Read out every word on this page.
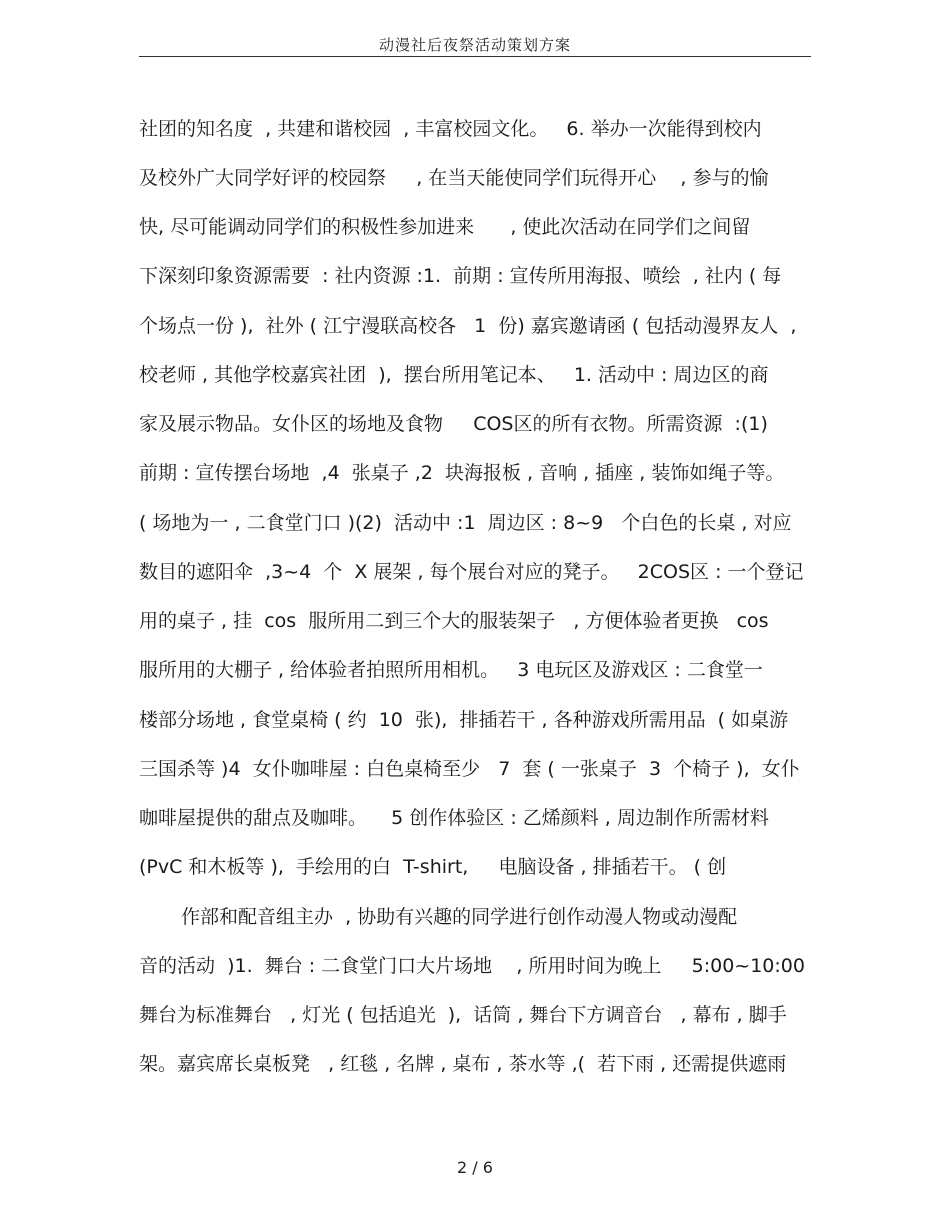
动漫社后夜祭活动策划方案
社团的知名度  , 共建和谐校园  , 丰富校园文化。   6. 举办一次能得到校内
及校外广大同学好评的校园祭     , 在当天能使同学们玩得开心    , 参与的愉
快, 尽可能调动同学们的积极性参加进来      , 使此次活动在同学们之间留
下深刻印象资源需要  : 社内资源 :1.  前期 : 宣传所用海报、喷绘  , 社内 ( 每
个场点一份 ),  社外 ( 江宁漫联高校各   1  份) 嘉宾邀请函 ( 包括动漫界友人  ,
校老师 , 其他学校嘉宾社团  ),  摆台所用笔记本、   1. 活动中 : 周边区的商
家及展示物品。女仆区的场地及食物     COS区的所有衣物。所需资源  :(1)
前期 : 宣传摆台场地  ,4  张桌子 ,2  块海报板 , 音响 , 插座 , 装饰如绳子等。
( 场地为一 , 二食堂门口 )(2)  活动中 :1  周边区 : 8~9   个白色的长桌 , 对应
数目的遮阳伞  ,3~4  个  X 展架 , 每个展台对应的凳子。   2COS区 : 一个登记
用的桌子 , 挂  cos  服所用二到三个大的服装架子   , 方便体验者更换   cos
服所用的大棚子 , 给体验者拍照所用相机。   3 电玩区及游戏区 : 二食堂一
楼部分场地 , 食堂桌椅 ( 约  10  张),  排插若干 , 各种游戏所需用品  ( 如桌游
三国杀等 )4  女仆咖啡屋 : 白色桌椅至少   7  套 ( 一张桌子  3  个椅子 ),  女仆
咖啡屋提供的甜点及咖啡。    5 创作体验区 : 乙烯颜料 , 周边制作所需材料
(PvC 和木板等 ),  手绘用的白  T-shirt,     电脑设备 , 排插若干。 ( 创
作部和配音组主办  , 协助有兴趣的同学进行创作动漫人物或动漫配
音的活动  )1.  舞台 : 二食堂门口大片场地    , 所用时间为晚上     5:00~10:00
舞台为标准舞台   , 灯光 ( 包括追光  ),  话筒 , 舞台下方调音台   , 幕布 , 脚手
架。嘉宾席长桌板凳   , 红毯 , 名牌 , 桌布 , 茶水等 ,(  若下雨 , 还需提供遮雨
2 / 6
